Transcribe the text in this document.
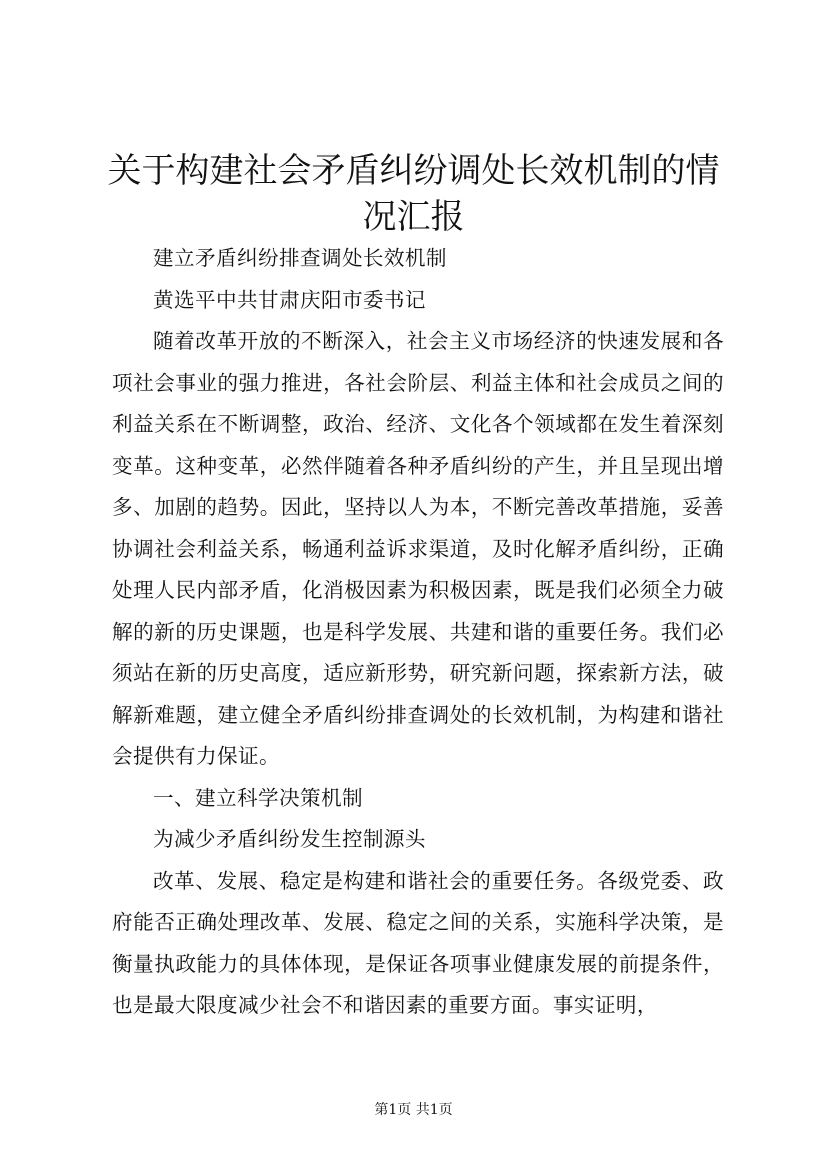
关于构建社会矛盾纠纷调处长效机制的情况汇报

建立矛盾纠纷排查调处长效机制

黄选平中共甘肃庆阳市委书记

随着改革开放的不断深入，社会主义市场经济的快速发展和各项社会事业的强力推进，各社会阶层、利益主体和社会成员之间的利益关系在不断调整，政治、经济、文化各个领域都在发生着深刻变革。这种变革，必然伴随着各种矛盾纠纷的产生，并且呈现出增多、加剧的趋势。因此，坚持以人为本，不断完善改革措施，妥善协调社会利益关系，畅通利益诉求渠道，及时化解矛盾纠纷，正确处理人民内部矛盾，化消极因素为积极因素，既是我们必须全力破解的新的历史课题，也是科学发展、共建和谐的重要任务。我们必须站在新的历史高度，适应新形势，研究新问题，探索新方法，破解新难题，建立健全矛盾纠纷排查调处的长效机制，为构建和谐社会提供有力保证。

一、建立科学决策机制

为减少矛盾纠纷发生控制源头

改革、发展、稳定是构建和谐社会的重要任务。各级党委、政府能否正确处理改革、发展、稳定之间的关系，实施科学决策，是衡量执政能力的具体体现，是保证各项事业健康发展的前提条件，也是最大限度减少社会不和谐因素的重要方面。事实证明，

第1页 共1页
